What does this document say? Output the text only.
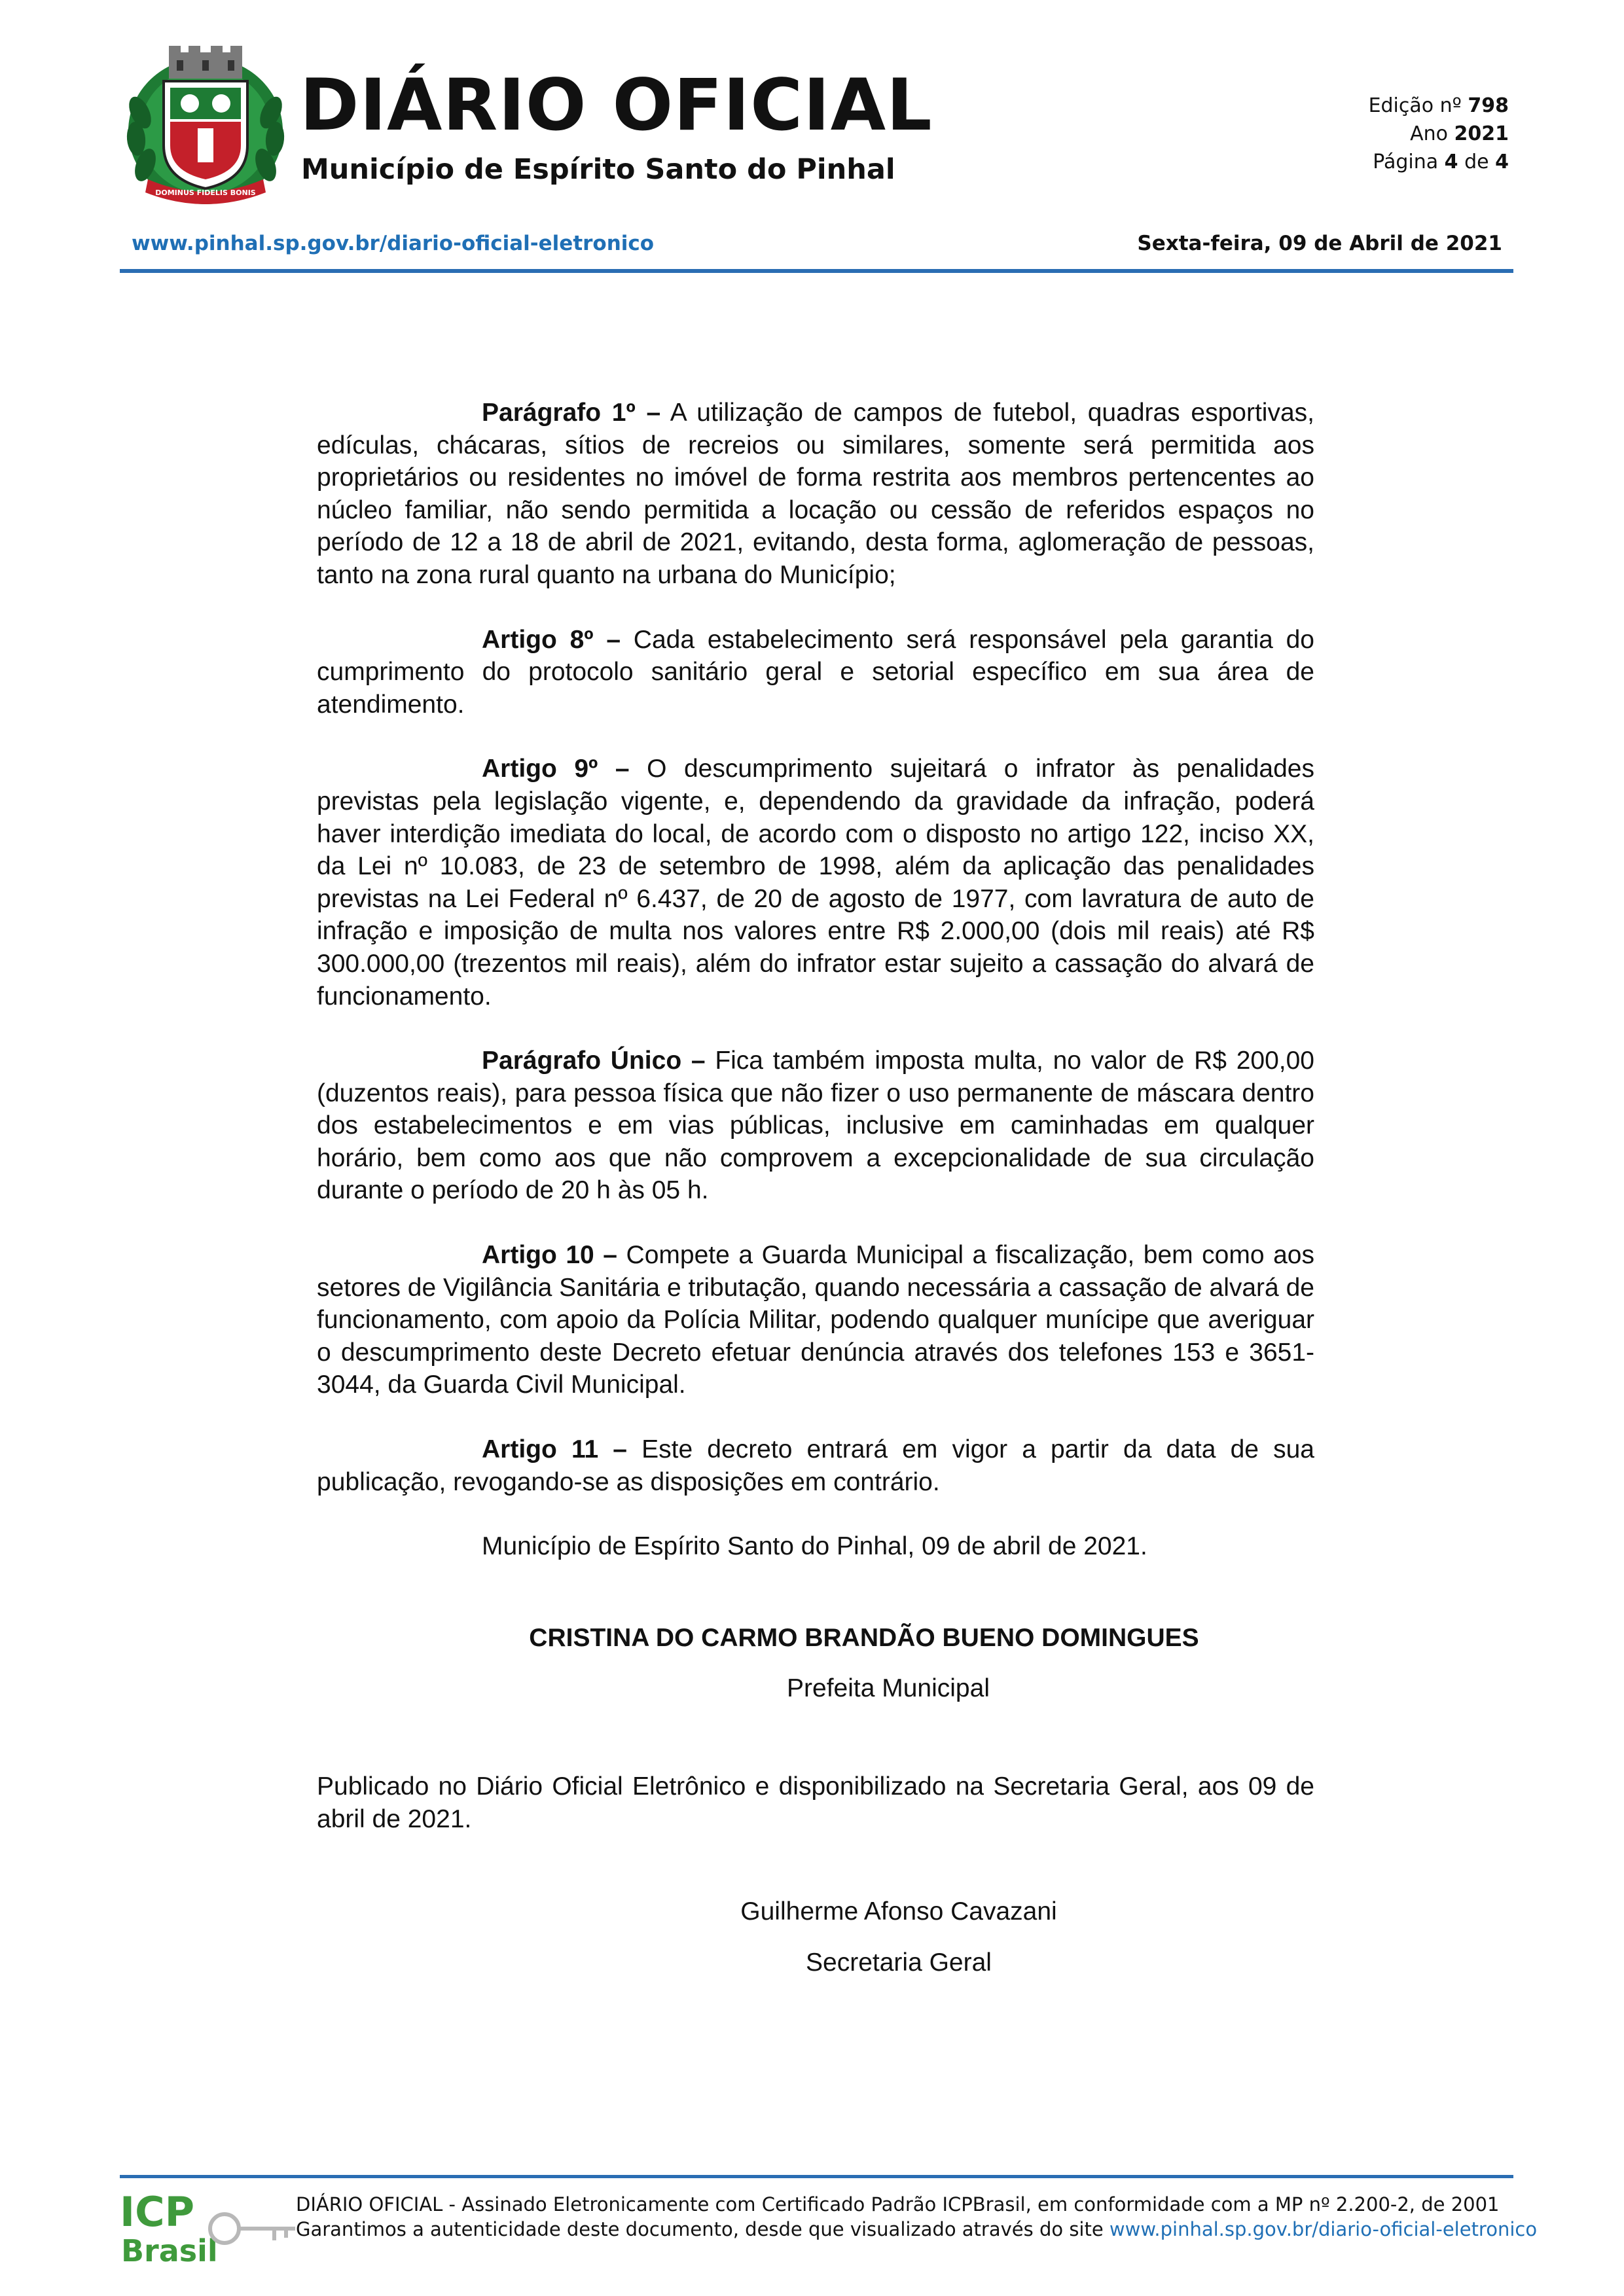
DOMINUS FIDELIS BONIS
DIÁRIO OFICIAL
Município de Espírito Santo do Pinhal
Edição nº 798
Ano 2021
Página 4 de 4
www.pinhal.sp.gov.br/diario-oficial-eletronico	Sexta-feira, 09 de Abril de 2021

Parágrafo 1º – A utilização de campos de futebol, quadras esportivas, edículas, chácaras, sítios de recreios ou similares, somente será permitida aos proprietários ou residentes no imóvel de forma restrita aos membros pertencentes ao núcleo familiar, não sendo permitida a locação ou cessão de referidos espaços no período de 12 a 18 de abril de 2021, evitando, desta forma, aglomeração de pessoas, tanto na zona rural quanto na urbana do Município;

Artigo 8º – Cada estabelecimento será responsável pela garantia do cumprimento do protocolo sanitário geral e setorial específico em sua área de atendimento.

Artigo 9º – O descumprimento sujeitará o infrator às penalidades previstas pela legislação vigente, e, dependendo da gravidade da infração, poderá haver interdição imediata do local, de acordo com o disposto no artigo 122, inciso XX, da Lei nº 10.083, de 23 de setembro de 1998, além da aplicação das penalidades previstas na Lei Federal nº 6.437, de 20 de agosto de 1977, com lavratura de auto de infração e imposição de multa nos valores entre R$ 2.000,00 (dois mil reais) até R$ 300.000,00 (trezentos mil reais), além do infrator estar sujeito a cassação do alvará de funcionamento.

Parágrafo Único – Fica também imposta multa, no valor de R$ 200,00 (duzentos reais), para pessoa física que não fizer o uso permanente de máscara dentro dos estabelecimentos e em vias públicas, inclusive em caminhadas em qualquer horário, bem como aos que não comprovem a excepcionalidade de sua circulação durante o período de 20 h às 05 h.

Artigo 10 – Compete a Guarda Municipal a fiscalização, bem como aos setores de Vigilância Sanitária e tributação, quando necessária a cassação de alvará de funcionamento, com apoio da Polícia Militar, podendo qualquer munícipe que averiguar o descumprimento deste Decreto efetuar denúncia através dos telefones 153 e 3651-3044, da Guarda Civil Municipal.

Artigo 11 – Este decreto entrará em vigor a partir da data de sua publicação, revogando-se as disposições em contrário.

Município de Espírito Santo do Pinhal, 09 de abril de 2021.
CRISTINA DO CARMO BRANDÃO BUENO DOMINGUES
Prefeita Municipal

Publicado no Diário Oficial Eletrônico e disponibilizado na Secretaria Geral, aos 09 de abril de 2021.

Guilherme Afonso Cavazani
Secretaria Geral
ICP
Brasil
DIÁRIO OFICIAL - Assinado Eletronicamente com Certificado Padrão ICPBrasil, em conformidade com a MP nº 2.200-2, de 2001
Garantimos a autenticidade deste documento, desde que visualizado através do site www.pinhal.sp.gov.br/diario-oficial-eletronico
